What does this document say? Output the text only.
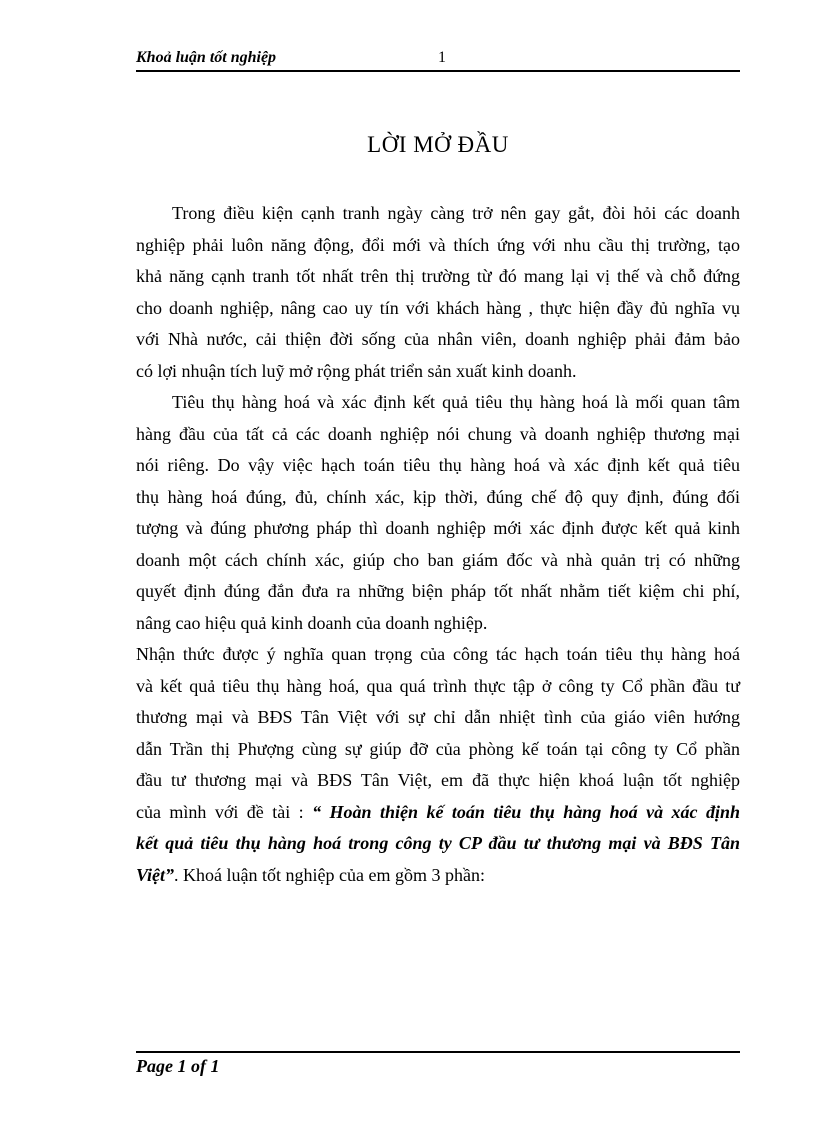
Khoả luận tốt nghiệp	1
LỜI MỞ ĐẦU

Trong điều kiện cạnh tranh ngày càng trở nên gay gắt, đòi hỏi các doanh
nghiệp phải luôn năng động, đổi mới và thích ứng với nhu cầu thị trường, tạo
khả năng cạnh tranh tốt nhất trên thị trường từ đó mang lại vị thế và chỗ đứng
cho doanh nghiệp, nâng cao uy tín với khách hàng , thực hiện đầy đủ nghĩa vụ
với Nhà nước, cải thiện đời sống của nhân viên, doanh nghiệp phải đảm bảo
có lợi nhuận tích luỹ mở rộng phát triển sản xuất kinh doanh.

Tiêu thụ hàng hoá và xác định kết quả tiêu thụ hàng hoá là mối quan tâm
hàng đầu của tất cả các doanh nghiệp nói chung và doanh nghiệp thương mại
nói riêng. Do vậy việc hạch toán tiêu thụ hàng hoá và xác định kết quả tiêu
thụ hàng hoá đúng, đủ, chính xác, kịp thời, đúng chế độ quy định, đúng đối
tượng và đúng phương pháp thì doanh nghiệp mới xác định được kết quả kinh
doanh một cách chính xác, giúp cho ban giám đốc và nhà quản trị có những
quyết định đúng đắn đưa ra những biện pháp tốt nhất nhằm tiết kiệm chi phí,
nâng cao hiệu quả kinh doanh của doanh nghiệp.

Nhận thức được ý nghĩa quan trọng của công tác hạch toán tiêu thụ hàng hoá
và kết quả tiêu thụ hàng hoá, qua quá trình thực tập ở công ty Cổ phần đầu tư
thương mại và BĐS Tân Việt với sự chỉ dẫn nhiệt tình của giáo viên hướng
dẫn Trần thị Phượng cùng sự giúp đỡ của phòng kế toán tại công ty Cổ phần
đầu tư thương mại và BĐS Tân Việt, em đã thực hiện khoá luận tốt nghiệp
của mình với đề tài : “ Hoàn thiện kế toán tiêu thụ hàng hoá và xác định
kết quả tiêu thụ hàng hoá trong công ty CP đầu tư thương mại và BĐS Tân
Việt”. Khoá luận tốt nghiệp của em gồm 3 phần:

Page 1 of 1
